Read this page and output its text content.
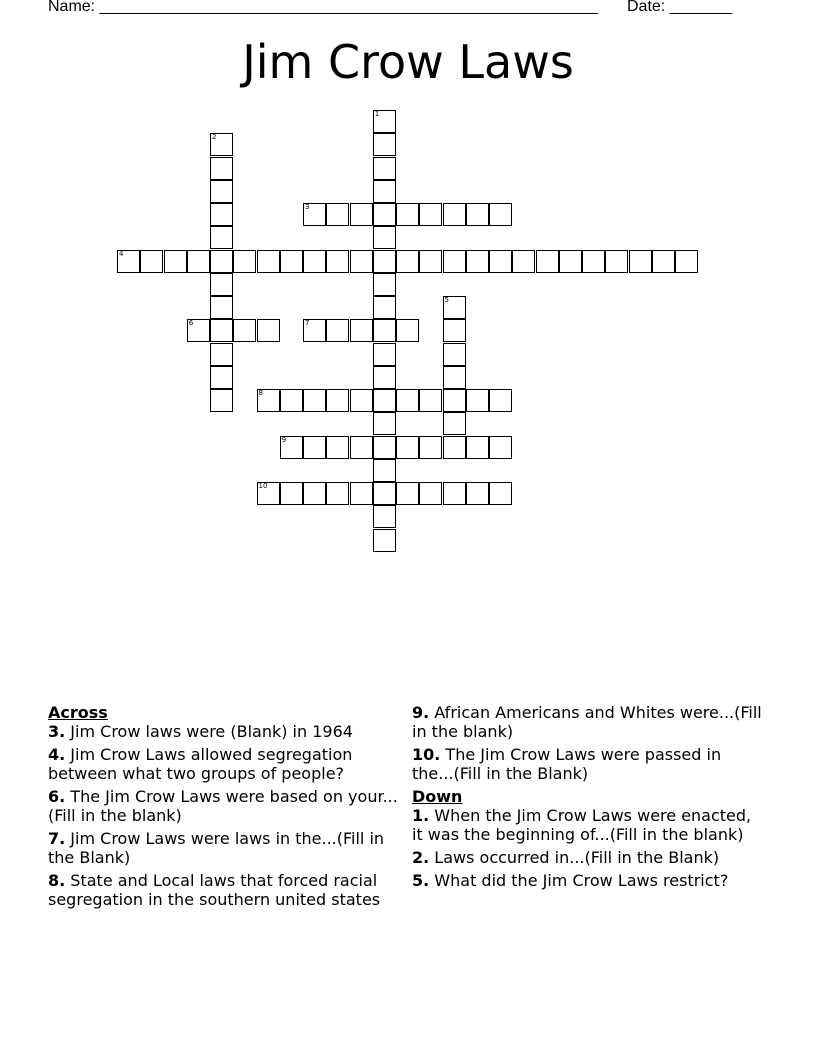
Name: ________________________________________________________ Date: _______
Jim Crow Laws
1
2
3
4
5
6	7
8
9
10
Across
3. Jim Crow laws were (Blank) in 1964
4. Jim Crow Laws allowed segregation between what two groups of people?
6. The Jim Crow Laws were based on your...(Fill in the blank)
7. Jim Crow Laws were laws in the...(Fill in the Blank)
8. State and Local laws that forced racial segregation in the southern united states
9. African Americans and Whites were...(Fill in the blank)
10. The Jim Crow Laws were passed in the...(Fill in the Blank)
Down
1. When the Jim Crow Laws were enacted, it was the beginning of...(Fill in the blank)
2. Laws occurred in...(Fill in the Blank)
5. What did the Jim Crow Laws restrict?
